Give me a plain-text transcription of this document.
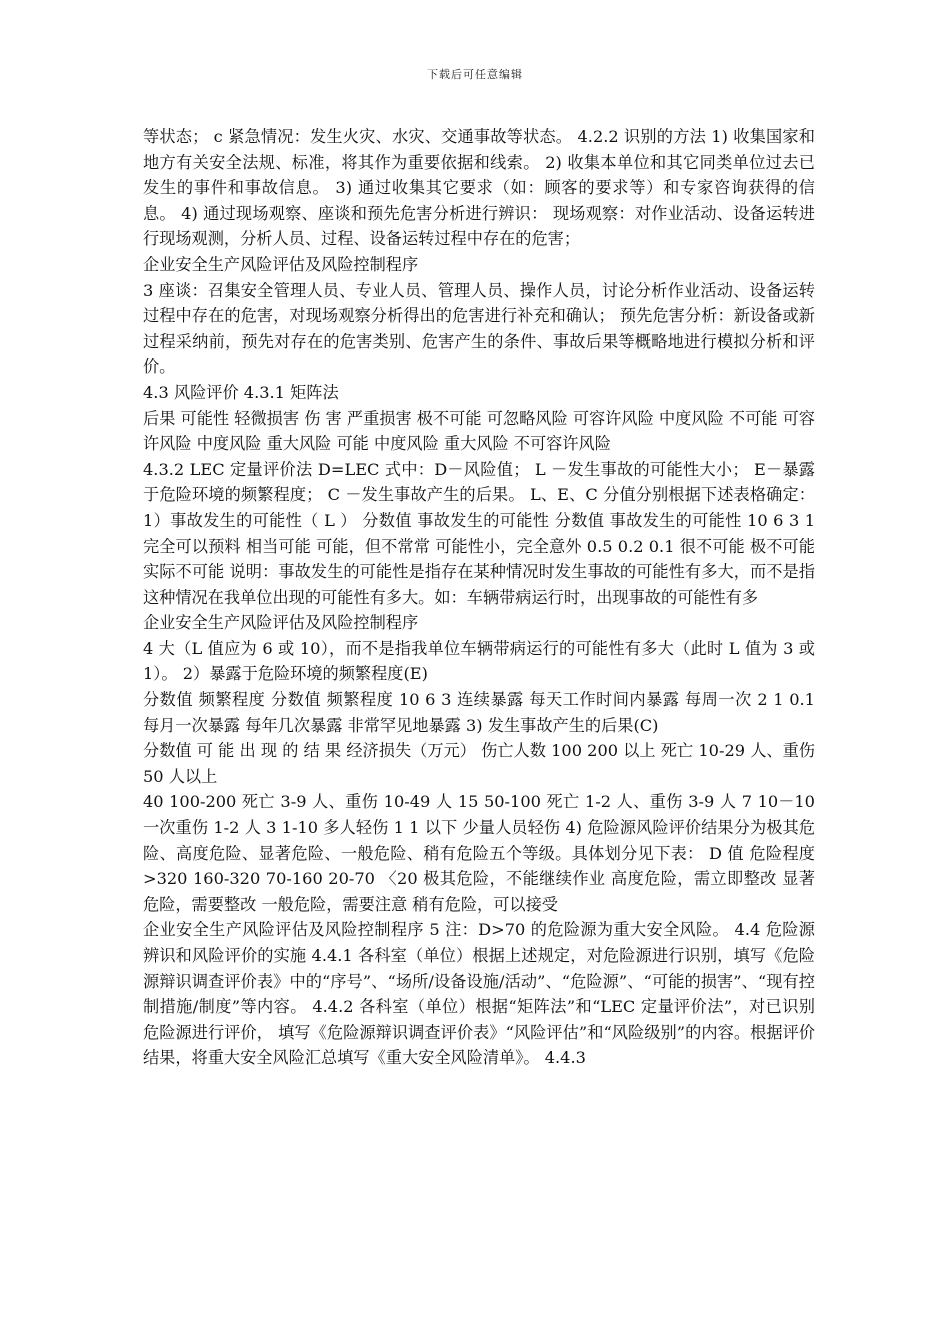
下载后可任意编辑

等状态； c 紧急情况：发生火灾、水灾、交通事故等状态。 4.2.2 识别的方法 1) 收集国家和地方有关安全法规、标准，将其作为重要依据和线索。 2) 收集本单位和其它同类单位过去已发生的事件和事故信息。 3) 通过收集其它要求（如：顾客的要求等）和专家咨询获得的信息。 4) 通过现场观察、座谈和预先危害分析进行辨识： 现场观察：对作业活动、设备运转进行现场观测，分析人员、过程、设备运转过程中存在的危害；

企业安全生产风险评估及风险控制程序

3 座谈：召集安全管理人员、专业人员、管理人员、操作人员，讨论分析作业活动、设备运转过程中存在的危害，对现场观察分析得出的危害进行补充和确认； 预先危害分析：新设备或新过程采纳前，预先对存在的危害类别、危害产生的条件、事故后果等概略地进行模拟分析和评价。

4.3 风险评价 4.3.1 矩阵法

后果 可能性 轻微损害 伤 害 严重损害 极不可能 可忽略风险 可容许风险 中度风险 不可能 可容许风险 中度风险 重大风险 可能 中度风险 重大风险 不可容许风险

4.3.2 LEC 定量评价法 D=LEC 式中：D－风险值； L －发生事故的可能性大小； E－暴露于危险环境的频繁程度； C －发生事故产生的后果。 L、E、C 分值分别根据下述表格确定： 1）事故发生的可能性（ L ） 分数值 事故发生的可能性 分数值 事故发生的可能性 10 6 3 1 完全可以预料 相当可能 可能，但不常常 可能性小，完全意外 0.5 0.2 0.1 很不可能 极不可能 实际不可能 说明：事故发生的可能性是指存在某种情况时发生事故的可能性有多大，而不是指这种情况在我单位出现的可能性有多大。如：车辆带病运行时，出现事故的可能性有多

企业安全生产风险评估及风险控制程序

4 大（L 值应为 6 或 10），而不是指我单位车辆带病运行的可能性有多大（此时 L 值为 3 或 1）。 2）暴露于危险环境的频繁程度(E)

分数值 频繁程度 分数值 频繁程度 10 6 3 连续暴露 每天工作时间内暴露 每周一次 2 1 0.1 每月一次暴露 每年几次暴露 非常罕见地暴露 3) 发生事故产生的后果(C)

分数值 可 能 出 现 的 结 果 经济损失（万元） 伤亡人数 100 200 以上 死亡 10-29 人、重伤 50 人以上

40 100-200 死亡 3-9 人、重伤 10-49 人 15 50-100 死亡 1-2 人、重伤 3-9 人 7 10－10 一次重伤 1-2 人 3 1-10 多人轻伤 1 1 以下 少量人员轻伤 4) 危险源风险评价结果分为极其危险、高度危险、显著危险、一般危险、稍有危险五个等级。具体划分见下表： D 值 危险程度 >320 160-320 70-160 20-70 〈20 极其危险，不能继续作业 高度危险，需立即整改 显著危险，需要整改 一般危险，需要注意 稍有危险，可以接受

企业安全生产风险评估及风险控制程序 5 注：D>70 的危险源为重大安全风险。 4.4 危险源辨识和风险评价的实施 4.4.1 各科室（单位）根据上述规定，对危险源进行识别，填写《危险源辩识调查评价表》中的“序号”、“场所/设备设施/活动”、“危险源”、“可能的损害”、“现有控制措施/制度”等内容。 4.4.2 各科室（单位）根据“矩阵法”和“LEC 定量评价法”，对已识别危险源进行评价， 填写《危险源辩识调查评价表》“风险评估”和“风险级别”的内容。根据评价结果，将重大安全风险汇总填写《重大安全风险清单》。 4.4.3
